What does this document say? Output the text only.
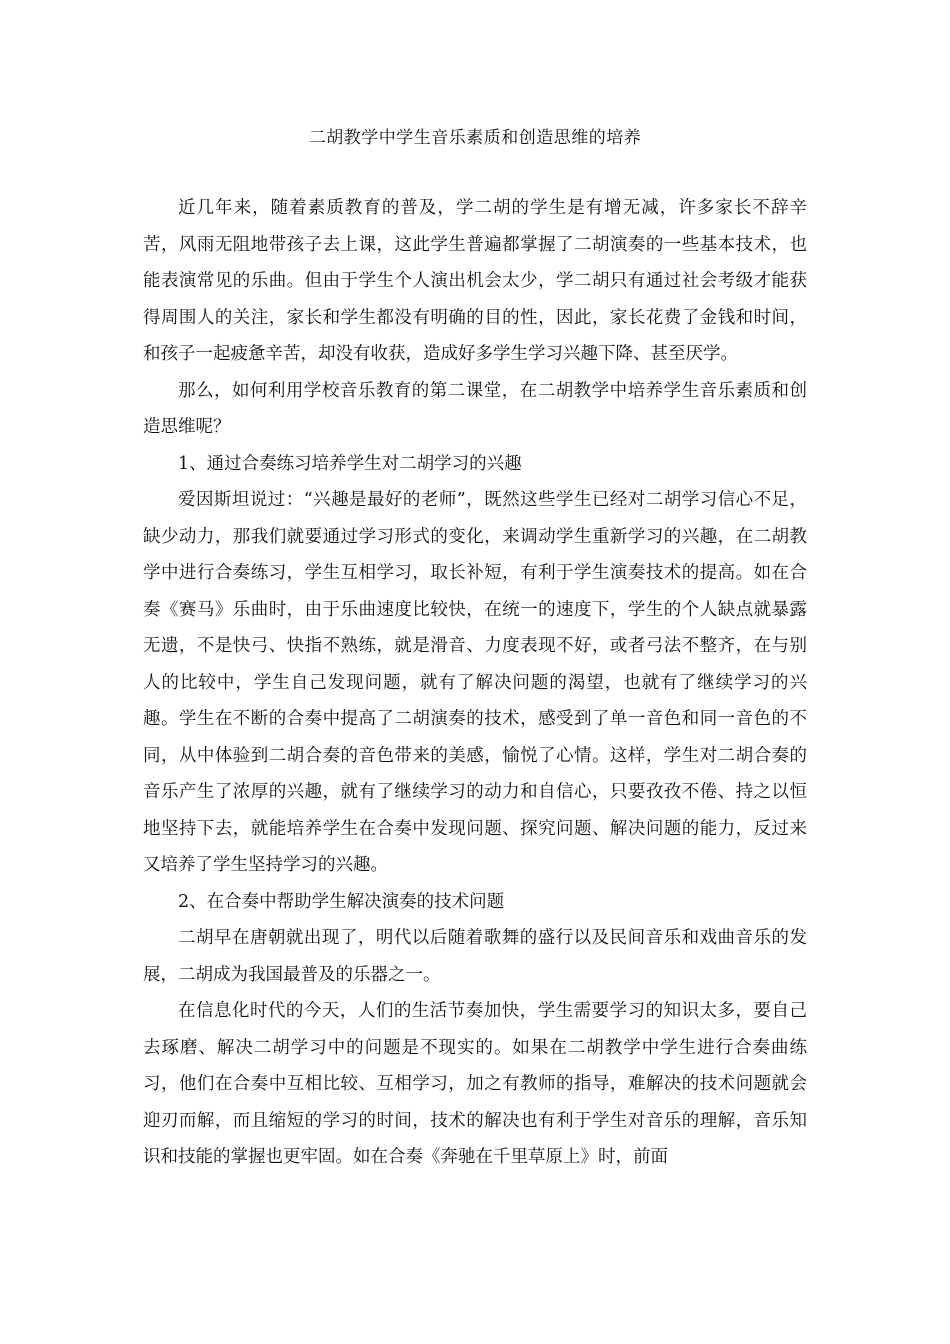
二胡教学中学生音乐素质和创造思维的培养

近几年来，随着素质教育的普及，学二胡的学生是有增无减，许多家长不辞辛苦，风雨无阻地带孩子去上课，这此学生普遍都掌握了二胡演奏的一些基本技术，也能表演常见的乐曲。但由于学生个人演出机会太少，学二胡只有通过社会考级才能获得周围人的关注，家长和学生都没有明确的目的性，因此，家长花费了金钱和时间，和孩子一起疲惫辛苦，却没有收获，造成好多学生学习兴趣下降、甚至厌学。

那么，如何利用学校音乐教育的第二课堂，在二胡教学中培养学生音乐素质和创造思维呢？

1、通过合奏练习培养学生对二胡学习的兴趣

爱因斯坦说过：“兴趣是最好的老师”，既然这些学生已经对二胡学习信心不足，缺少动力，那我们就要通过学习形式的变化，来调动学生重新学习的兴趣，在二胡教学中进行合奏练习，学生互相学习，取长补短，有利于学生演奏技术的提高。如在合奏《赛马》乐曲时，由于乐曲速度比较快，在统一的速度下，学生的个人缺点就暴露无遗，不是快弓、快指不熟练，就是滑音、力度表现不好，或者弓法不整齐，在与别人的比较中，学生自己发现问题，就有了解决问题的渴望，也就有了继续学习的兴趣。学生在不断的合奏中提高了二胡演奏的技术，感受到了单一音色和同一音色的不同，从中体验到二胡合奏的音色带来的美感，愉悦了心情。这样，学生对二胡合奏的音乐产生了浓厚的兴趣，就有了继续学习的动力和自信心，只要孜孜不倦、持之以恒地坚持下去，就能培养学生在合奏中发现问题、探究问题、解决问题的能力，反过来又培养了学生坚持学习的兴趣。

2、在合奏中帮助学生解决演奏的技术问题

二胡早在唐朝就出现了，明代以后随着歌舞的盛行以及民间音乐和戏曲音乐的发展，二胡成为我国最普及的乐器之一。

在信息化时代的今天，人们的生活节奏加快，学生需要学习的知识太多，要自己去琢磨、解决二胡学习中的问题是不现实的。如果在二胡教学中学生进行合奏曲练习，他们在合奏中互相比较、互相学习，加之有教师的指导，难解决的技术问题就会迎刃而解，而且缩短的学习的时间，技术的解决也有利于学生对音乐的理解，音乐知识和技能的掌握也更牢固。如在合奏《奔驰在千里草原上》时，前面
